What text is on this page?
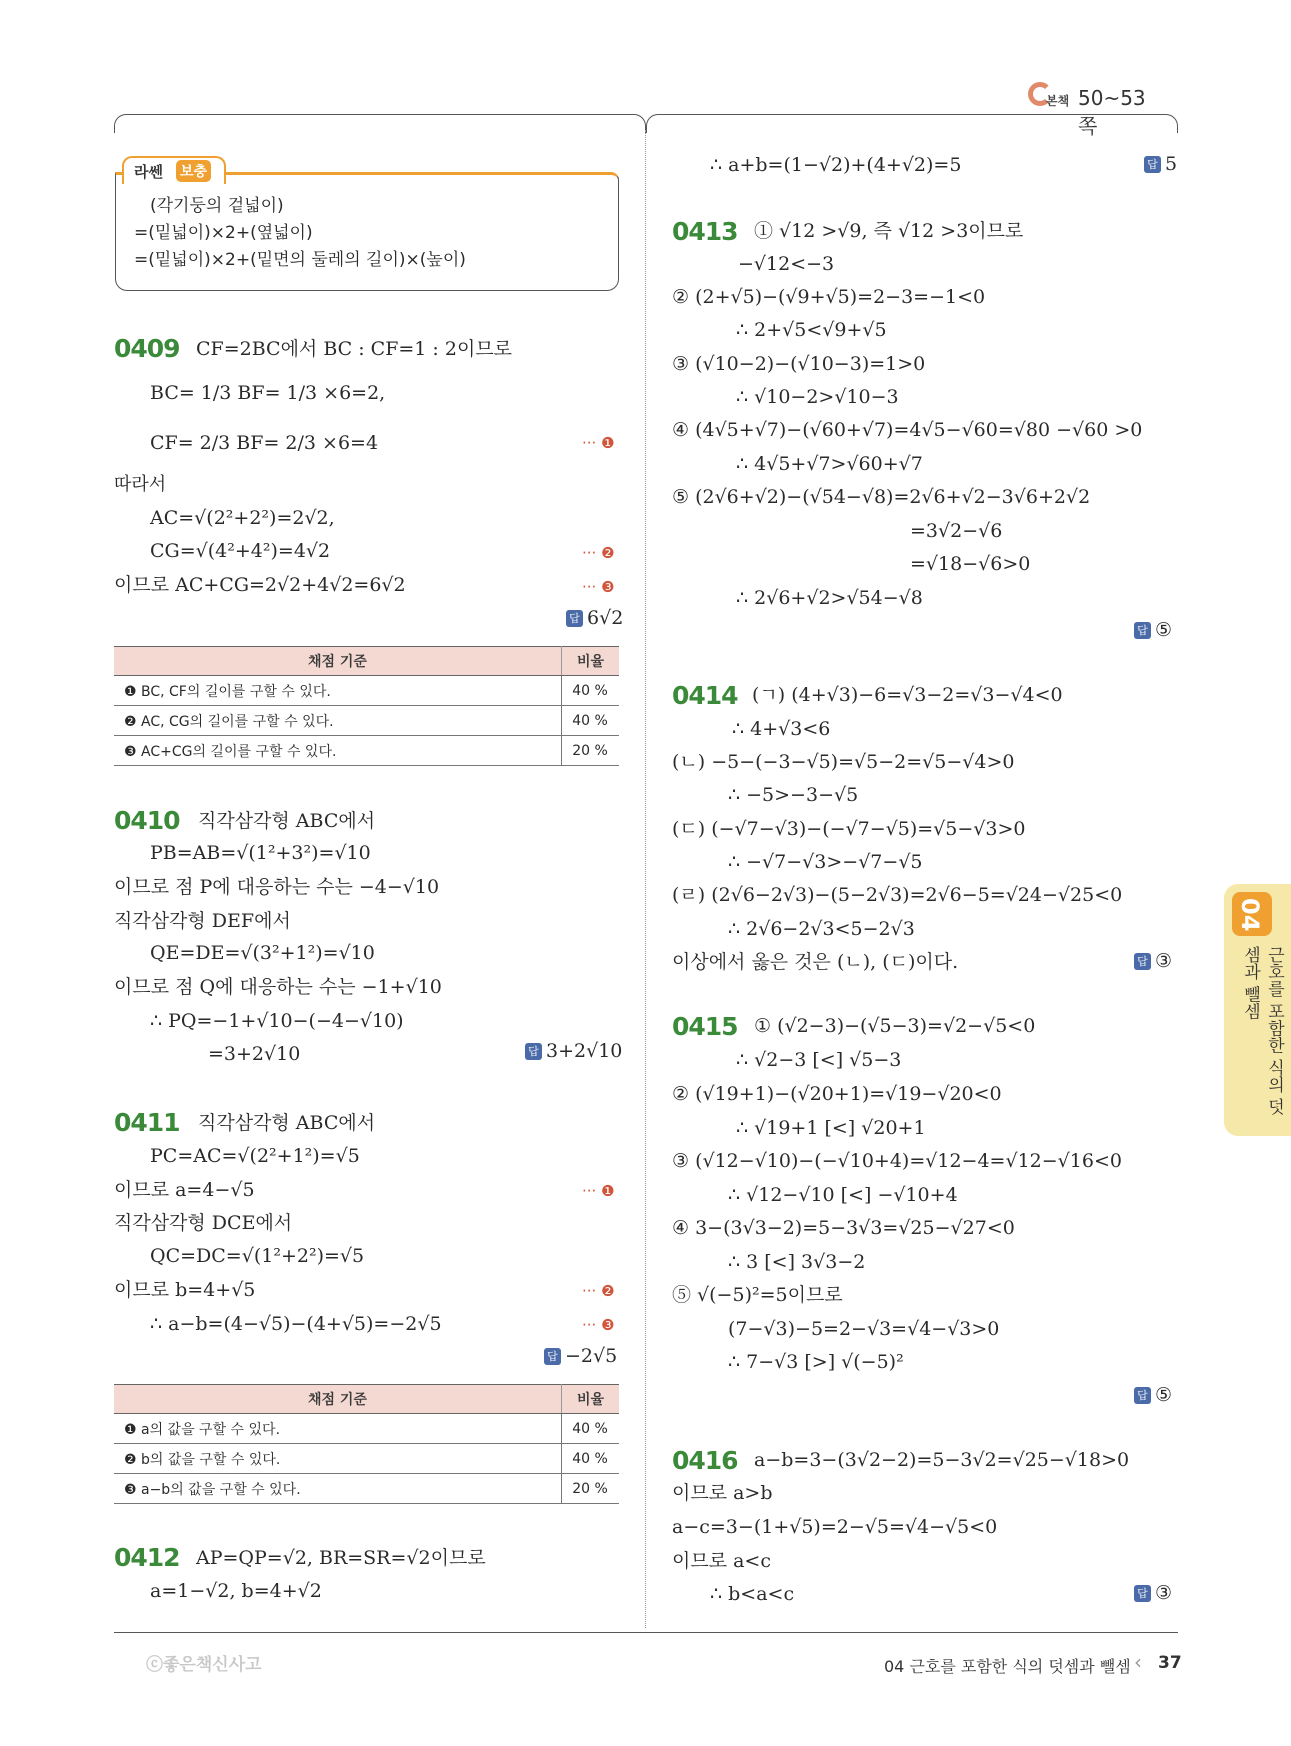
본책 50~53쪽
라쎈 보충
(각기둥의 겉넓이)
=(밑넓이)×2+(옆넓이)
=(밑넓이)×2+(밑면의 둘레의 길이)×(높이)
0409 CF=2BC에서 BC : CF=1 : 2이므로
BC= 1/3 BF= 1/3 ×6=2,
CF= 2/3 BF= 2/3 ×6=4	··· ❶
따라서
AC=√(2²+2²)=2√2,
CG=√(4²+4²)=4√2	··· ❷
이므로 AC+CG=2√2+4√2=6√2	··· ❸
답 6√2
채점 기준	비율
❶ BC, CF의 길이를 구할 수 있다.	40 %
❷ AC, CG의 길이를 구할 수 있다.	40 %
❸ AC+CG의 길이를 구할 수 있다.	20 %
0410 직각삼각형 ABC에서
PB=AB=√(1²+3²)=√10
이므로 점 P에 대응하는 수는 −4−√10
직각삼각형 DEF에서
QE=DE=√(3²+1²)=√10
이므로 점 Q에 대응하는 수는 −1+√10
∴ PQ=−1+√10−(−4−√10)
=3+2√10	답 3+2√10
0411 직각삼각형 ABC에서
PC=AC=√(2²+1²)=√5
이므로 a=4−√5	··· ❶
직각삼각형 DCE에서
QC=DC=√(1²+2²)=√5
이므로 b=4+√5	··· ❷
∴ a−b=(4−√5)−(4+√5)=−2√5	··· ❸
답 −2√5
채점 기준	비율
❶ a의 값을 구할 수 있다.	40 %
❷ b의 값을 구할 수 있다.	40 %
❸ a−b의 값을 구할 수 있다.	20 %
0412 AP=QP=√2, BR=SR=√2이므로
a=1−√2, b=4+√2
∴ a+b=(1−√2)+(4+√2)=5	답 5
0413 ① √12 >√9, 즉 √12 >3이므로
−√12<−3
② (2+√5)−(√9+√5)=2−3=−1<0
∴ 2+√5<√9+√5
③ (√10−2)−(√10−3)=1>0
∴ √10−2>√10−3
④ (4√5+√7)−(√60+√7)=4√5−√60=√80 −√60 >0
∴ 4√5+√7>√60+√7
⑤ (2√6+√2)−(√54−√8)=2√6+√2−3√6+2√2
=3√2−√6
=√18−√6>0
∴ 2√6+√2>√54−√8
답 ⑤
0414 (ㄱ) (4+√3)−6=√3−2=√3−√4<0
∴ 4+√3<6
(ㄴ) −5−(−3−√5)=√5−2=√5−√4>0
∴ −5>−3−√5
(ㄷ) (−√7−√3)−(−√7−√5)=√5−√3>0
∴ −√7−√3>−√7−√5
(ㄹ) (2√6−2√3)−(5−2√3)=2√6−5=√24−√25<0
∴ 2√6−2√3<5−2√3
이상에서 옳은 것은 (ㄴ), (ㄷ)이다.	답 ③
0415 ① (√2−3)−(√5−3)=√2−√5<0
∴ √2−3 [<] √5−3
② (√19+1)−(√20+1)=√19−√20<0
∴ √19+1 [<] √20+1
③ (√12−√10)−(−√10+4)=√12−4=√12−√16<0
∴ √12−√10 [<] −√10+4
④ 3−(3√3−2)=5−3√3=√25−√27<0
∴ 3 [<] 3√3−2
⑤ √(−5)²=5이므로
(7−√3)−5=2−√3=√4−√3>0
∴ 7−√3 [>] √(−5)²
답 ⑤
0416 a−b=3−(3√2−2)=5−3√2=√25−√18>0
이므로 a>b
a−c=3−(1+√5)=2−√5=√4−√5<0
이므로 a<c
∴ b<a<c	답 ③
04
근호를 포함한 식의 덧셈과 뺄셈
ⓒ좋은책신사고	04 근호를 포함한 식의 덧셈과 뺄셈 ‹ 37
